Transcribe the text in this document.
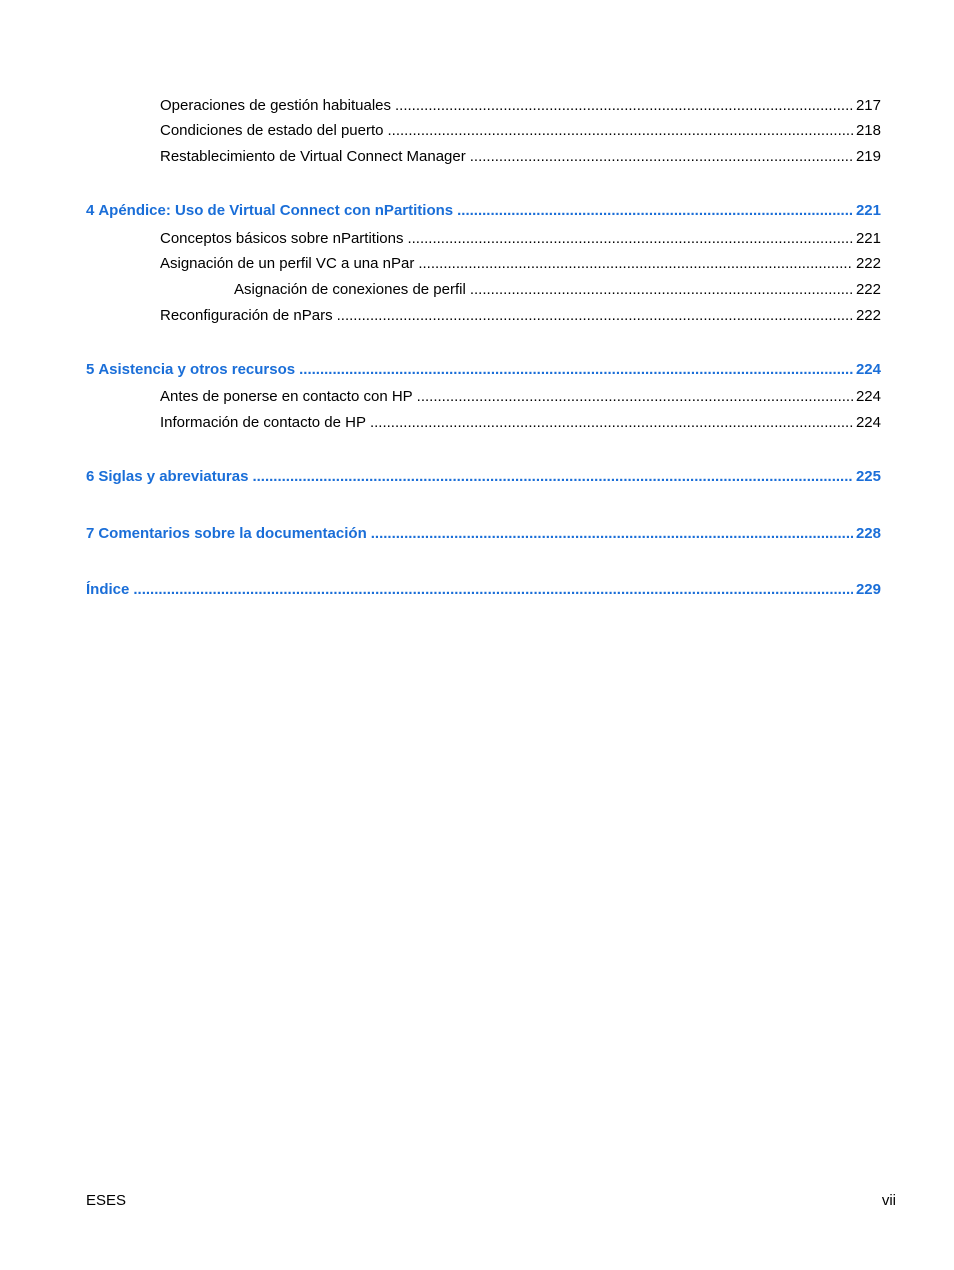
Operaciones de gestión habituales .....	217
Condiciones de estado del puerto .....	218
Restablecimiento de Virtual Connect Manager .....	219
4 Apéndice: Uso de Virtual Connect con nPartitions .....	221
Conceptos básicos sobre nPartitions .....	221
Asignación de un perfil VC a una nPar .....	222
Asignación de conexiones de perfil .....	222
Reconfiguración de nPars .....	222
5 Asistencia y otros recursos .....	224
Antes de ponerse en contacto con HP .....	224
Información de contacto de HP .....	224
6 Siglas y abreviaturas .....	225
7 Comentarios sobre la documentación .....	228
Índice .....	229
ESES	vii
